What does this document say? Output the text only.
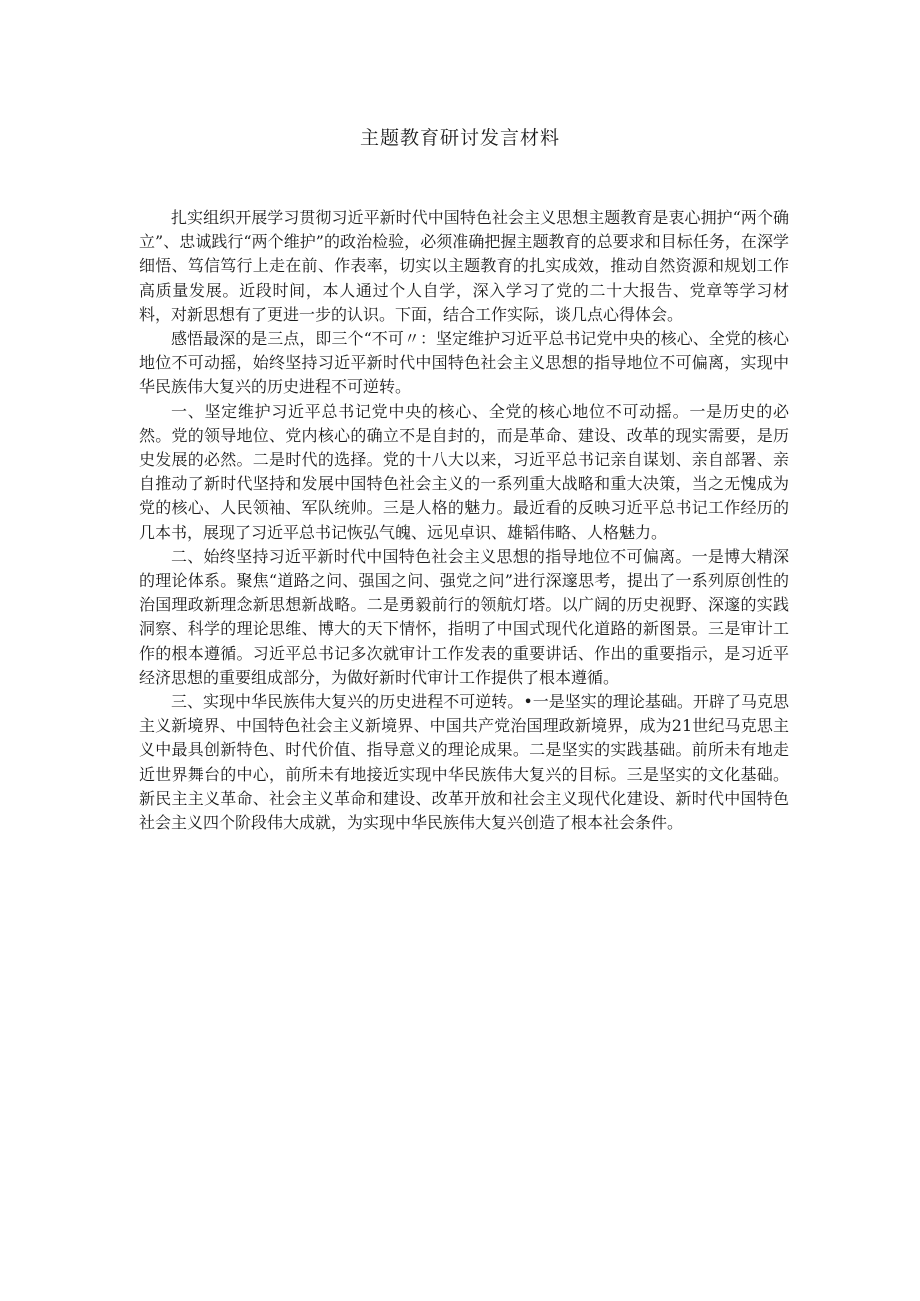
主题教育研讨发言材料

扎实组织开展学习贯彻习近平新时代中国特色社会主义思想主题教育是衷心拥护“两个确立”、忠诚践行“两个维护”的政治检验，必须准确把握主题教育的总要求和目标任务，在深学细悟、笃信笃行上走在前、作表率，切实以主题教育的扎实成效，推动自然资源和规划工作高质量发展。近段时间，本人通过个人自学，深入学习了党的二十大报告、党章等学习材料，对新思想有了更进一步的认识。下面，结合工作实际，谈几点心得体会。

感悟最深的是三点，即三个“不可〃：坚定维护习近平总书记党中央的核心、全党的核心地位不可动摇，始终坚持习近平新时代中国特色社会主义思想的指导地位不可偏离，实现中华民族伟大复兴的历史进程不可逆转。

一、坚定维护习近平总书记党中央的核心、全党的核心地位不可动摇。一是历史的必然。党的领导地位、党内核心的确立不是自封的，而是革命、建设、改革的现实需要，是历史发展的必然。二是时代的选择。党的十八大以来，习近平总书记亲自谋划、亲自部署、亲自推动了新时代坚持和发展中国特色社会主义的一系列重大战略和重大决策，当之无愧成为党的核心、人民领袖、军队统帅。三是人格的魅力。最近看的反映习近平总书记工作经历的几本书，展现了习近平总书记恢弘气魄、远见卓识、雄韬伟略、人格魅力。

二、始终坚持习近平新时代中国特色社会主义思想的指导地位不可偏离。一是博大精深的理论体系。聚焦“道路之问、强国之问、强党之问”进行深邃思考，提出了一系列原创性的治国理政新理念新思想新战略。二是勇毅前行的领航灯塔。以广阔的历史视野、深邃的实践洞察、科学的理论思维、博大的天下情怀，指明了中国式现代化道路的新图景。三是审计工作的根本遵循。习近平总书记多次就审计工作发表的重要讲话、作出的重要指示，是习近平经济思想的重要组成部分，为做好新时代审计工作提供了根本遵循。

三、实现中华民族伟大复兴的历史进程不可逆转。•一是坚实的理论基础。开辟了马克思主义新境界、中国特色社会主义新境界、中国共产党治国理政新境界，成为21世纪马克思主义中最具创新特色、时代价值、指导意义的理论成果。二是坚实的实践基础。前所未有地走近世界舞台的中心，前所未有地接近实现中华民族伟大复兴的目标。三是坚实的文化基础。新民主主义革命、社会主义革命和建设、改革开放和社会主义现代化建设、新时代中国特色社会主义四个阶段伟大成就，为实现中华民族伟大复兴创造了根本社会条件。
